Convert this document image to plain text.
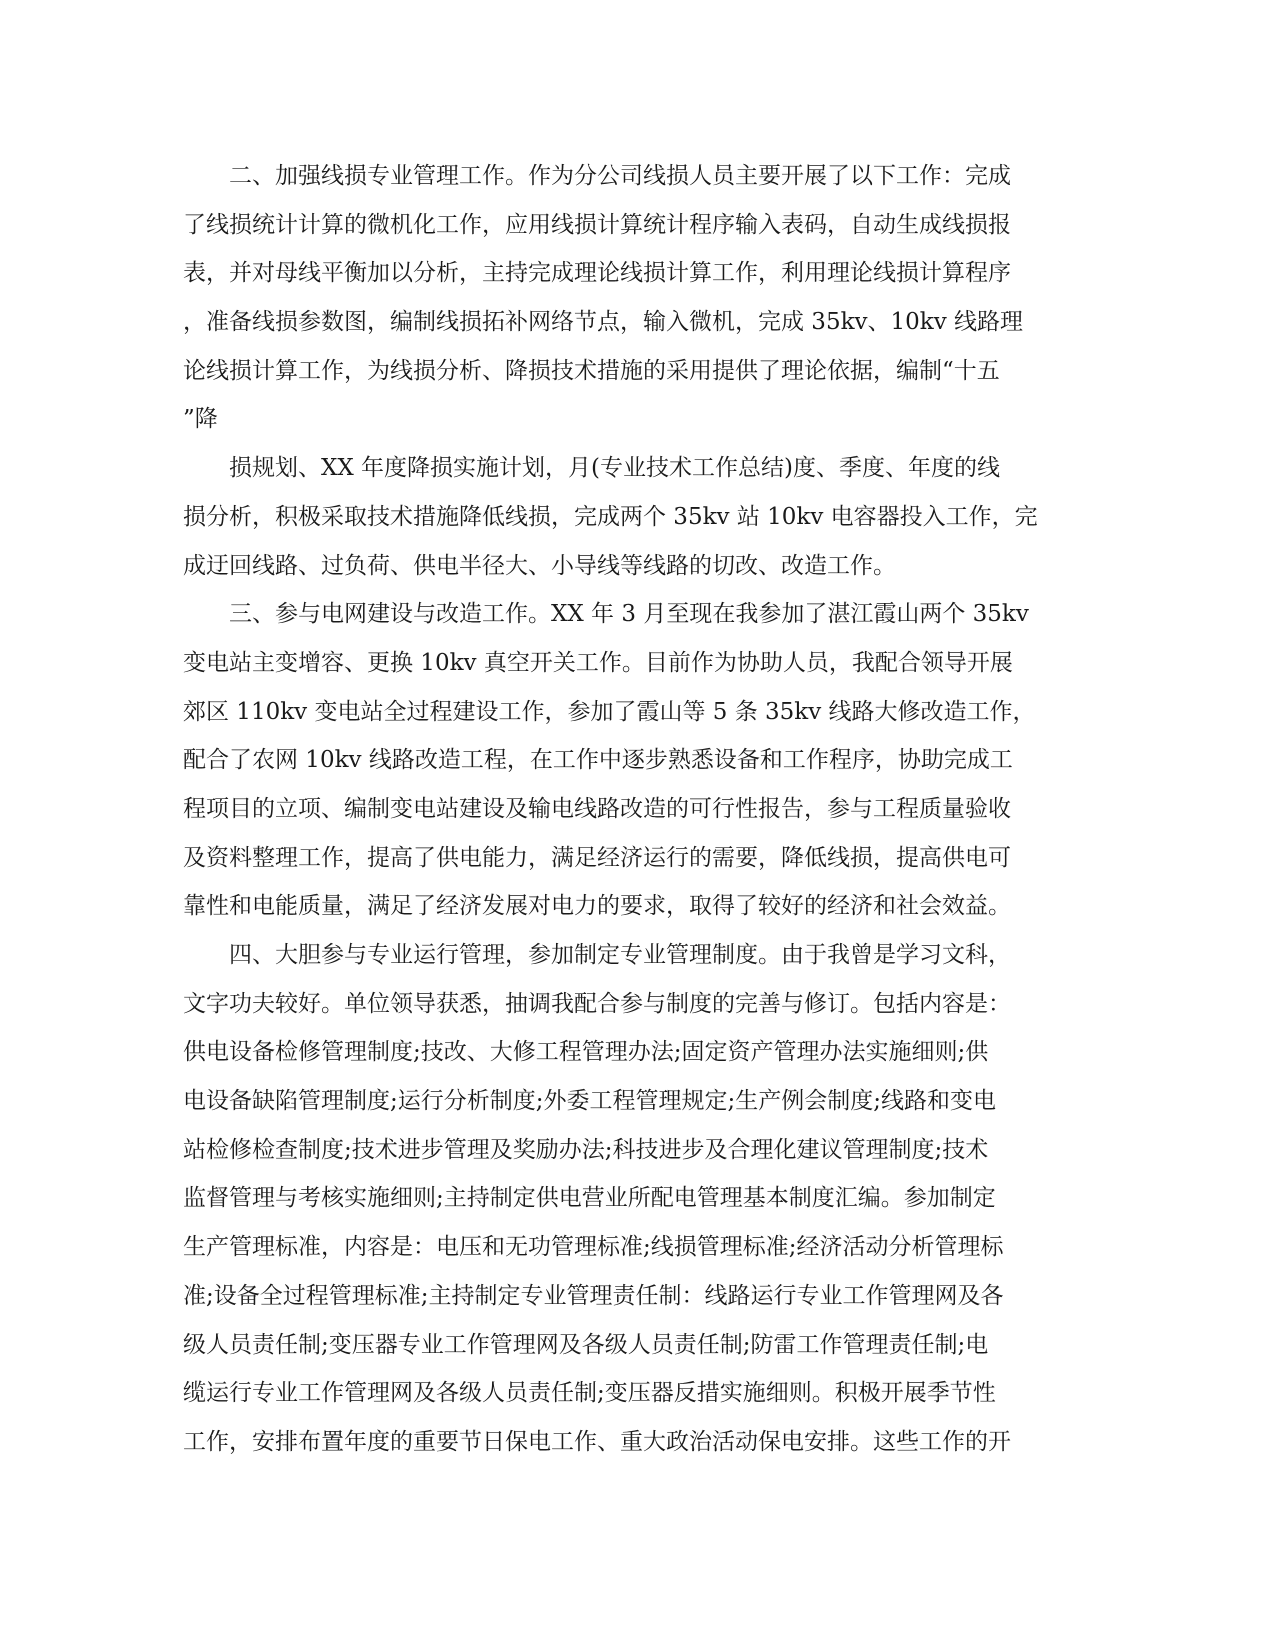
二、加强线损专业管理工作。作为分公司线损人员主要开展了以下工作：完成
了线损统计计算的微机化工作，应用线损计算统计程序输入表码，自动生成线损报
表，并对母线平衡加以分析，主持完成理论线损计算工作，利用理论线损计算程序
，准备线损参数图，编制线损拓补网络节点，输入微机，完成 35kv、10kv 线路理
论线损计算工作，为线损分析、降损技术措施的采用提供了理论依据，编制“十五
”降
损规划、XX 年度降损实施计划，月(专业技术工作总结)度、季度、年度的线
损分析，积极采取技术措施降低线损，完成两个 35kv 站 10kv 电容器投入工作，完
成迂回线路、过负荷、供电半径大、小导线等线路的切改、改造工作。
三、参与电网建设与改造工作。XX 年 3 月至现在我参加了湛江霞山两个 35kv
变电站主变增容、更换 10kv 真空开关工作。目前作为协助人员，我配合领导开展
郊区 110kv 变电站全过程建设工作，参加了霞山等 5 条 35kv 线路大修改造工作，
配合了农网 10kv 线路改造工程，在工作中逐步熟悉设备和工作程序，协助完成工
程项目的立项、编制变电站建设及输电线路改造的可行性报告，参与工程质量验收
及资料整理工作，提高了供电能力，满足经济运行的需要，降低线损，提高供电可
靠性和电能质量，满足了经济发展对电力的要求，取得了较好的经济和社会效益。
四、大胆参与专业运行管理，参加制定专业管理制度。由于我曾是学习文科，
文字功夫较好。单位领导获悉，抽调我配合参与制度的完善与修订。包括内容是：
供电设备检修管理制度;技改、大修工程管理办法;固定资产管理办法实施细则;供
电设备缺陷管理制度;运行分析制度;外委工程管理规定;生产例会制度;线路和变电
站检修检查制度;技术进步管理及奖励办法;科技进步及合理化建议管理制度;技术
监督管理与考核实施细则;主持制定供电营业所配电管理基本制度汇编。参加制定
生产管理标准，内容是：电压和无功管理标准;线损管理标准;经济活动分析管理标
准;设备全过程管理标准;主持制定专业管理责任制：线路运行专业工作管理网及各
级人员责任制;变压器专业工作管理网及各级人员责任制;防雷工作管理责任制;电
缆运行专业工作管理网及各级人员责任制;变压器反措实施细则。积极开展季节性
工作，安排布置年度的重要节日保电工作、重大政治活动保电安排。这些工作的开
